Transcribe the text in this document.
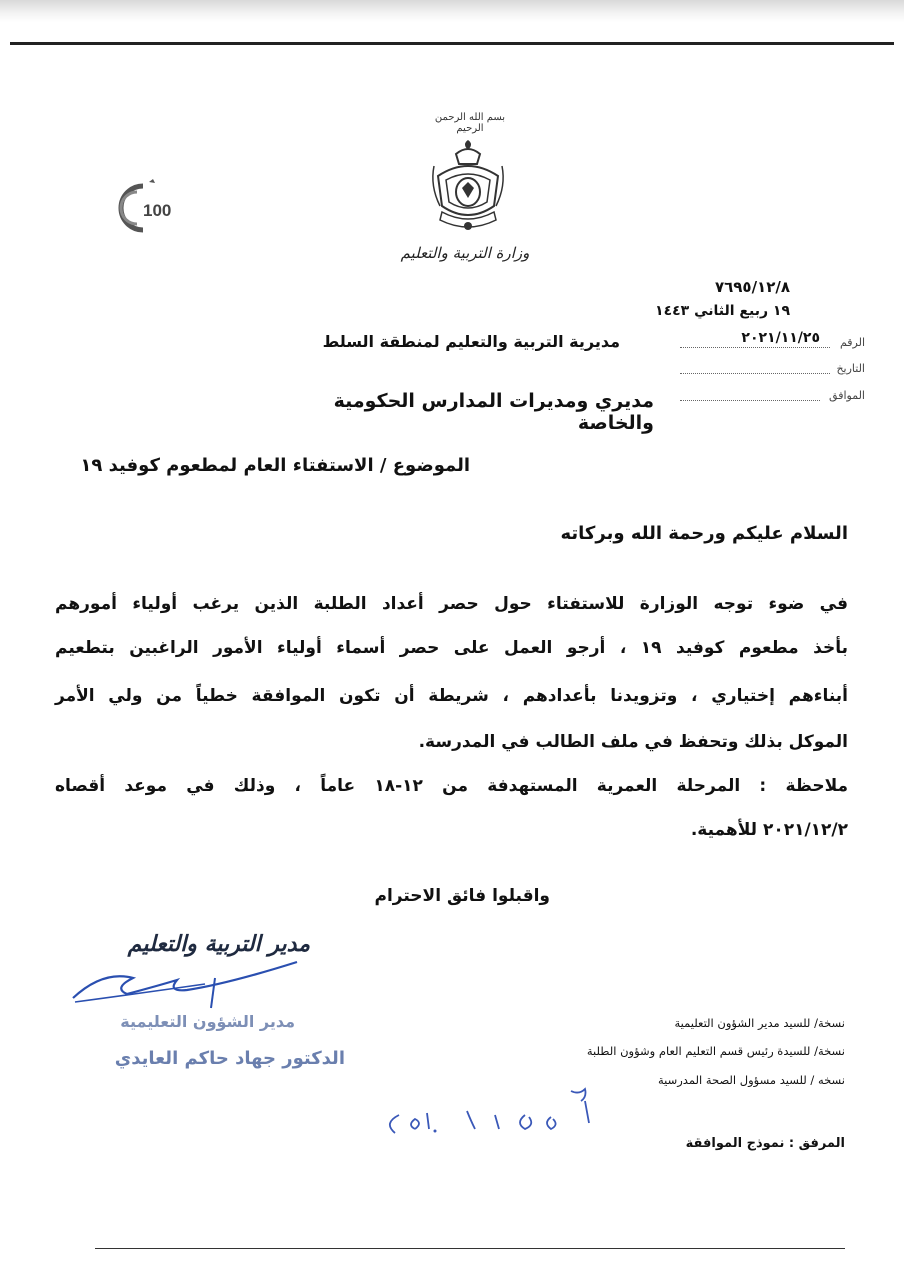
بسم الله الرحمن الرحيم
وزارة التربية والتعليم
100
٧٦٩٥/١٢/٨
١٩ ربيع الثاني ١٤٤٣
٢٠٢١/١١/٢٥	الرقم
التاريخ
الموافق
مديرية التربية والتعليم لمنطقة السلط
مديري ومديرات المدارس الحكومية والخاصة
الموضوع / الاستفتاء العام لمطعوم كوفيد ١٩
السلام عليكم ورحمة الله وبركاته
في ضوء توجه الوزارة للاستفتاء حول حصر أعداد الطلبة الذين يرغب أولياء أمورهم
بأخذ مطعوم كوفيد ١٩ ، أرجو العمل على حصر أسماء أولياء الأمور الراغبين بتطعيم
أبناءهم إختياري ، وتزويدنا بأعدادهم ، شريطة أن تكون الموافقة خطياً من ولي الأمر
الموكل بذلك وتحفظ في ملف الطالب في المدرسة.
ملاحظة : المرحلة العمرية المستهدفة من ١٢-١٨ عاماً ، وذلك في موعد أقصاه
٢٠٢١/١٢/٢ للأهمية.
واقبلوا فائق الاحترام
مدير التربية والتعليم
مدير الشؤون التعليمية
الدكتور جهاد حاكم العايدي
نسخة/ للسيد مدير الشؤون التعليمية
نسخة/ للسيدة رئيس قسم التعليم العام وشؤون الطلبة
نسخه / للسيد مسؤول الصحة المدرسية
المرفق : نموذج الموافقة
